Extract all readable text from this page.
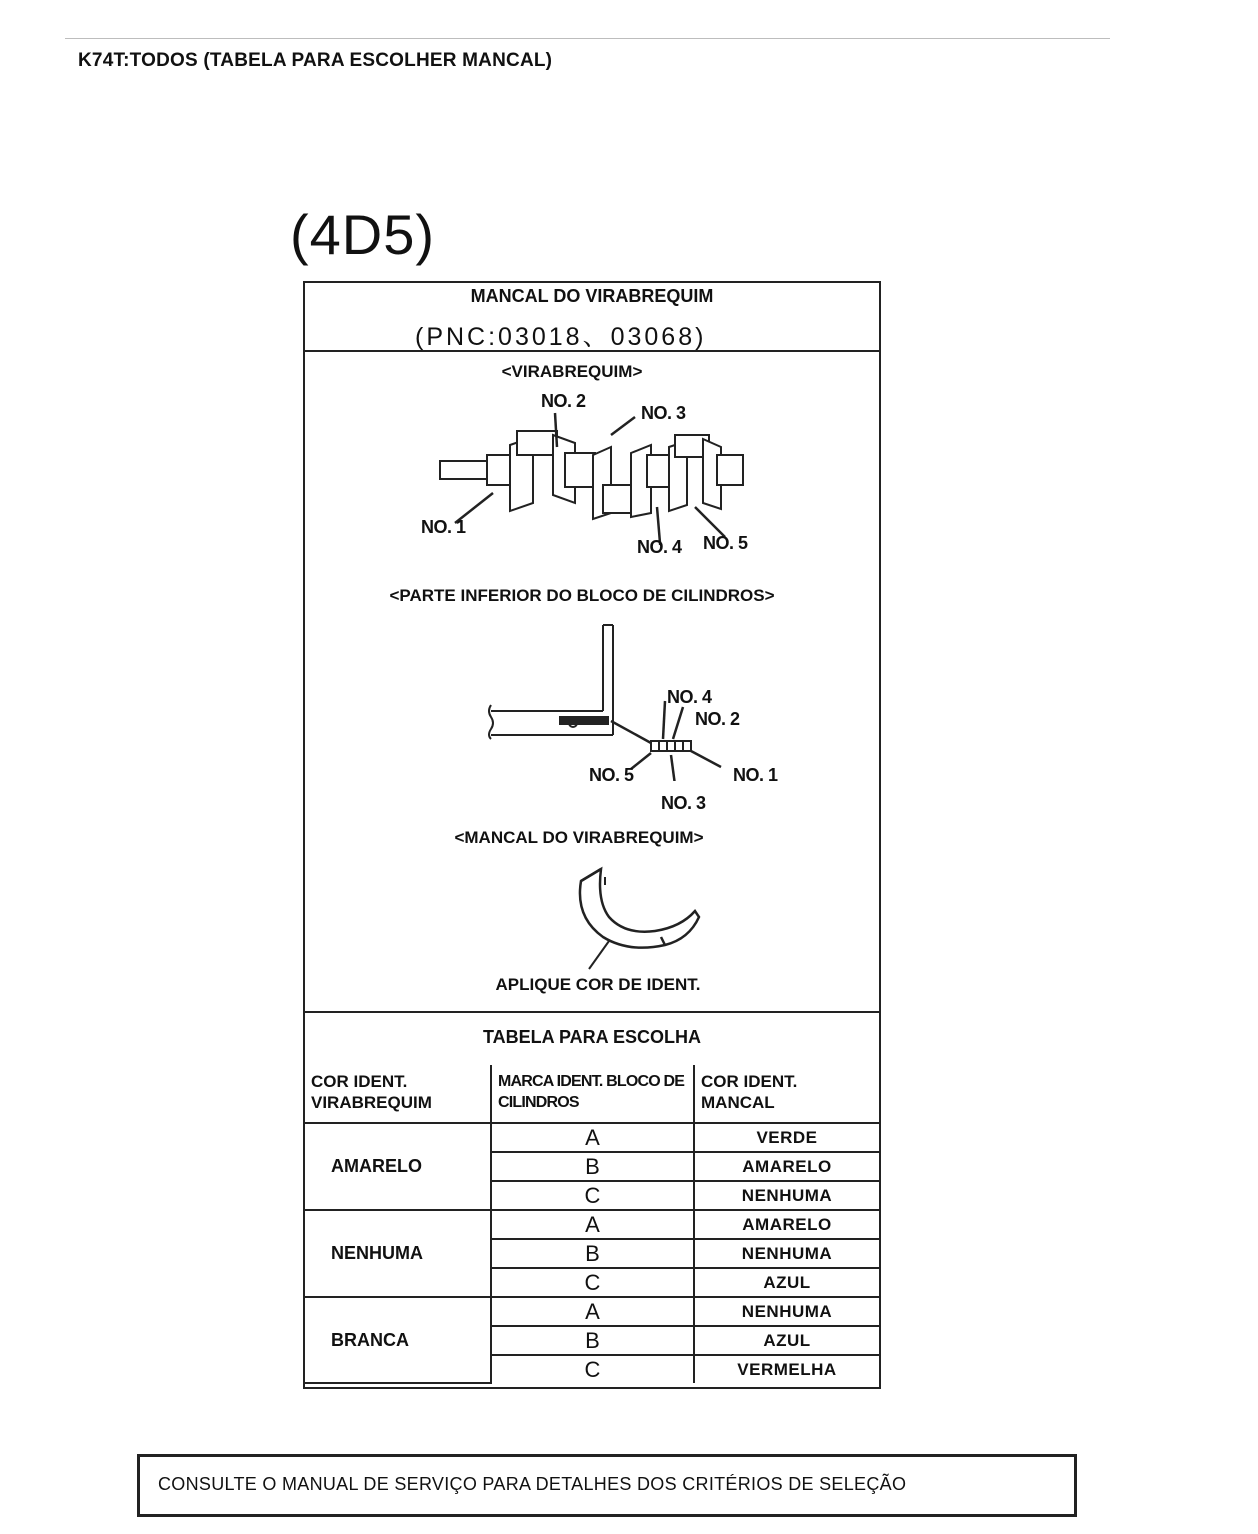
K74T:TODOS (TABELA PARA ESCOLHER MANCAL)
(4D5)
MANCAL DO VIRABREQUIM
(PNC:03018、03068)
<VIRABREQUIM>
NO. 1
NO. 2
NO. 3
NO. 4 NO. 5
<PARTE INFERIOR DO BLOCO DE CILINDROS>
NO. 4
NO. 2
NO. 5	NO. 1
NO. 3
<MANCAL DO VIRABREQUIM>
APLIQUE COR DE IDENT.
TABELA PARA ESCOLHA
COR IDENT. VIRABREQUIM	MARCA IDENT. BLOCO DE CILINDROS	COR IDENT. MANCAL
AMARELO	A	VERDE
	B	AMARELO
	C	NENHUMA
NENHUMA	A	AMARELO
	B	NENHUMA
	C	AZUL
BRANCA	A	NENHUMA
	B	AZUL
	C	VERMELHA
CONSULTE O MANUAL DE SERVIÇO PARA DETALHES DOS CRITÉRIOS DE SELEÇÃO
